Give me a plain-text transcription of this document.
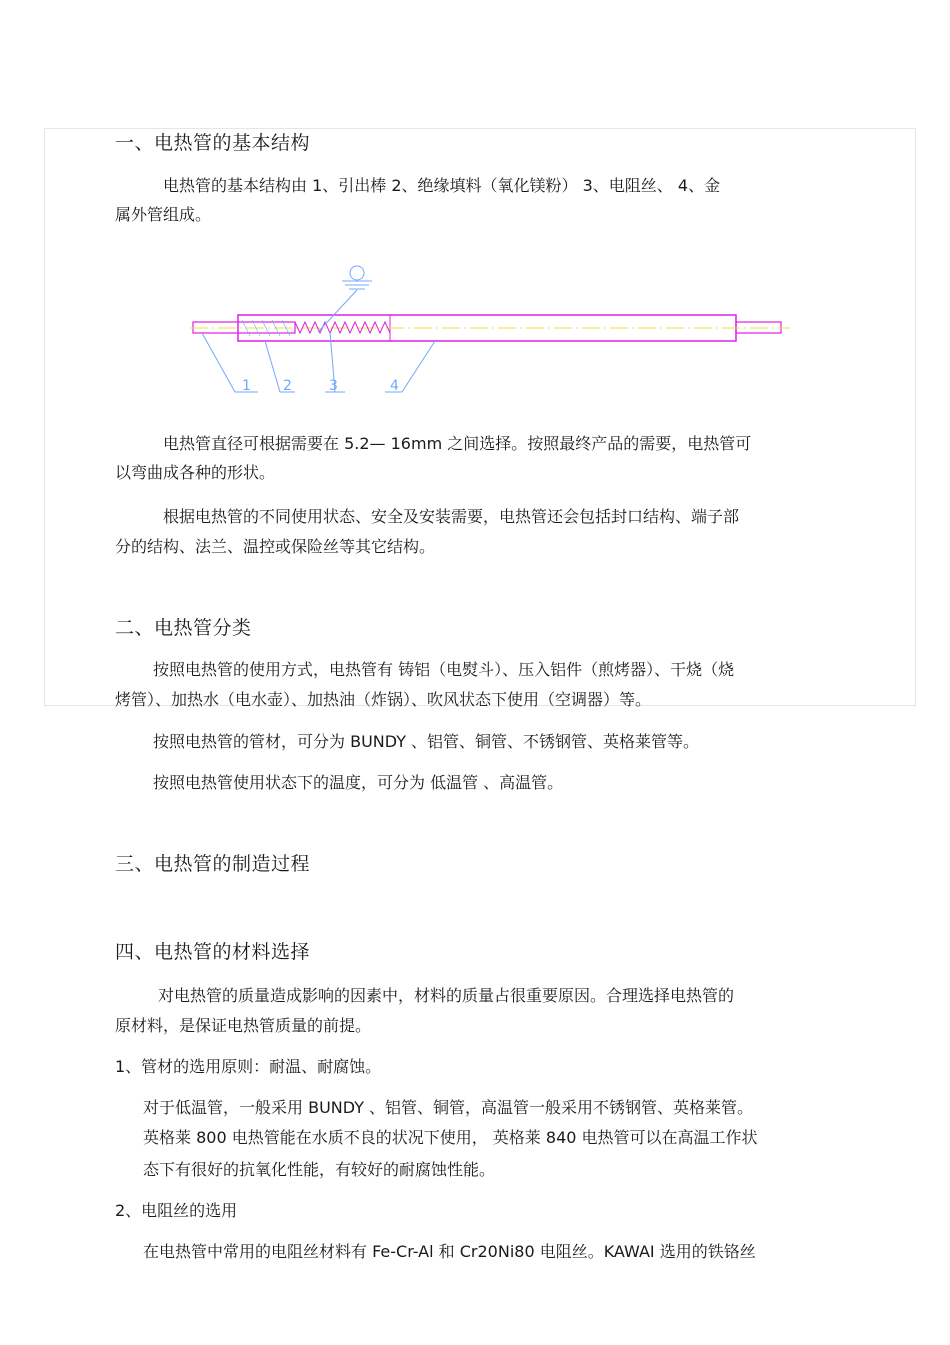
一、电热管的基本结构
电热管的基本结构由 1、引出棒 2、绝缘填料（氧化镁粉） 3、电阻丝、 4、金
属外管组成。
1 2	3	4
电热管直径可根据需要在 5.2— 16mm 之间选择。按照最终产品的需要，电热管可
以弯曲成各种的形状。
根据电热管的不同使用状态、安全及安装需要，电热管还会包括封口结构、端子部
分的结构、法兰、温控或保险丝等其它结构。
二、电热管分类
按照电热管的使用方式，电热管有 铸铝（电熨斗）、压入铝件（煎烤器）、干烧（烧
烤管）、加热水（电水壶）、加热油（炸锅）、吹风状态下使用（空调器）等。
按照电热管的管材，可分为 BUNDY 、铝管、铜管、不锈钢管、英格莱管等。
按照电热管使用状态下的温度，可分为 低温管 、高温管。
三、电热管的制造过程
四、电热管的材料选择
对电热管的质量造成影响的因素中，材料的质量占很重要原因。合理选择电热管的
原材料，是保证电热管质量的前提。
1、管材的选用原则：耐温、耐腐蚀。
对于低温管，一般采用 BUNDY 、铝管、铜管，高温管一般采用不锈钢管、英格莱管。
英格莱 800 电热管能在水质不良的状况下使用， 英格莱 840 电热管可以在高温工作状
态下有很好的抗氧化性能，有较好的耐腐蚀性能。
2、电阻丝的选用
在电热管中常用的电阻丝材料有 Fe-Cr-Al 和 Cr20Ni80 电阻丝。KAWAI 选用的铁铬丝
